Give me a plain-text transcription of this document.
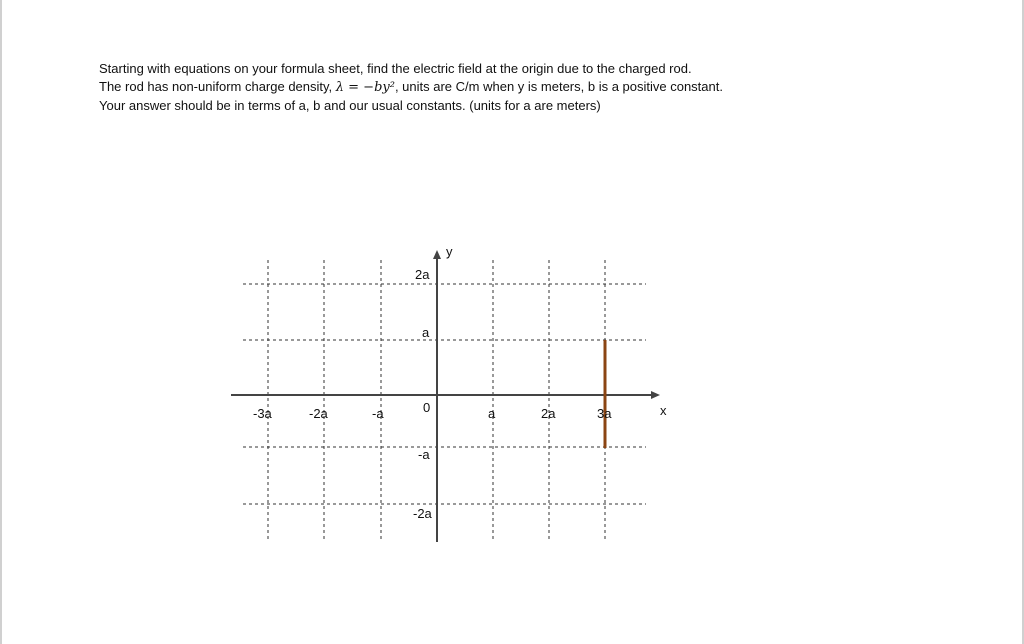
Starting with equations on your formula sheet, find the electric field at the origin due to the charged rod.
The rod has non-uniform charge density, λ = −by², units are C/m when y is meters, b is a positive constant.
Your answer should be in terms of a, b and our usual constants. (units for a are meters)
x
y
0
-3a	-2a	-a	a	2a	3a
2a
a
-a
-2a
